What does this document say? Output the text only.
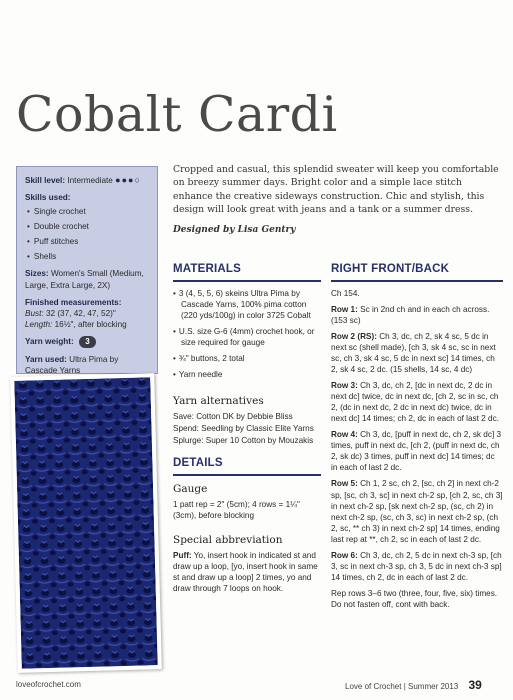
Cobalt Cardi
Skill level: Intermediate ●●●○
Skills used:
• Single crochet
• Double crochet
• Puff stitches
• Shells
Sizes: Women's Small (Medium, Large, Extra Large, 2X)
Finished measurements:
Bust: 32 (37, 42, 47, 52)"
Length: 16½", after blocking
Yarn weight: 3
Yarn used: Ultra Pima by Cascade Yarns

Cropped and casual, this splendid sweater will keep you comfortable on breezy summer days. Bright color and a simple lace stitch enhance the creative sideways construction. Chic and stylish, this design will look great with jeans and a tank or a summer dress.

Designed by Lisa Gentry

MATERIALS
• 3 (4, 5, 5, 6) skeins Ultra Pima by Cascade Yarns, 100% pima cotton (220 yds/100g) in color 3725 Cobalt
• U.S. size G-6 (4mm) crochet hook, or size required for gauge
• ¾" buttons, 2 total
• Yarn needle
Yarn alternatives

Save: Cotton DK by Debbie Bliss

Spend: Seedling by Classic Elite Yarns

Splurge: Super 10 Cotton by Mouzakis

DETAILS
Gauge

1 patt rep = 2" (5cm); 4 rows = 1¼" (3cm), before blocking

Special abbreviation

Puff: Yo, insert hook in indicated st and draw up a loop, [yo, insert hook in same st and draw up a loop] 2 times, yo and draw through 7 loops on hook.

RIGHT FRONT/BACK

Ch 154.

Row 1: Sc in 2nd ch and in each ch across. (153 sc)

Row 2 (RS): Ch 3, dc, ch 2, sk 4 sc, 5 dc in next sc (shell made), [ch 3, sk 4 sc, sc in next sc, ch 3, sk 4 sc, 5 dc in next sc] 14 times, ch 2, sk 4 sc, 2 dc. (15 shells, 14 sc, 4 dc)

Row 3: Ch 3, dc, ch 2, [dc in next dc, 2 dc in next dc] twice, dc in next dc, [ch 2, sc in sc, ch 2, (dc in next dc, 2 dc in next dc) twice, dc in next dc] 14 times; ch 2, dc in each of last 2 dc.

Row 4: Ch 3, dc, [puff in next dc, ch 2, sk dc] 3 times, puff in next dc, [ch 2, (puff in next dc, ch 2, sk dc) 3 times, puff in next dc] 14 times; dc in each of last 2 dc.

Row 5: Ch 1, 2 sc, ch 2, [sc, ch 2] in next ch-2 sp, [sc, ch 3, sc] in next ch-2 sp, [ch 2, sc, ch 3] in next ch-2 sp, [sk next ch-2 sp, (sc, ch 2) in next ch-2 sp, (sc, ch 3, sc) in next ch-2 sp, (ch 2, sc, ** ch 3) in next ch-2 sp] 14 times, ending last rep at **, ch 2, sc in each of last 2 dc.

Row 6: Ch 3, dc, ch 2, 5 dc in next ch-3 sp, [ch 3, sc in next ch-3 sp, ch 3, 5 dc in next ch-3 sp] 14 times, ch 2, dc in each of last 2 dc.

Rep rows 3–6 two (three, four, five, six) times. Do not fasten off, cont with back.

loveofcrochet.com	Love of Crochet | Summer 2013 39
